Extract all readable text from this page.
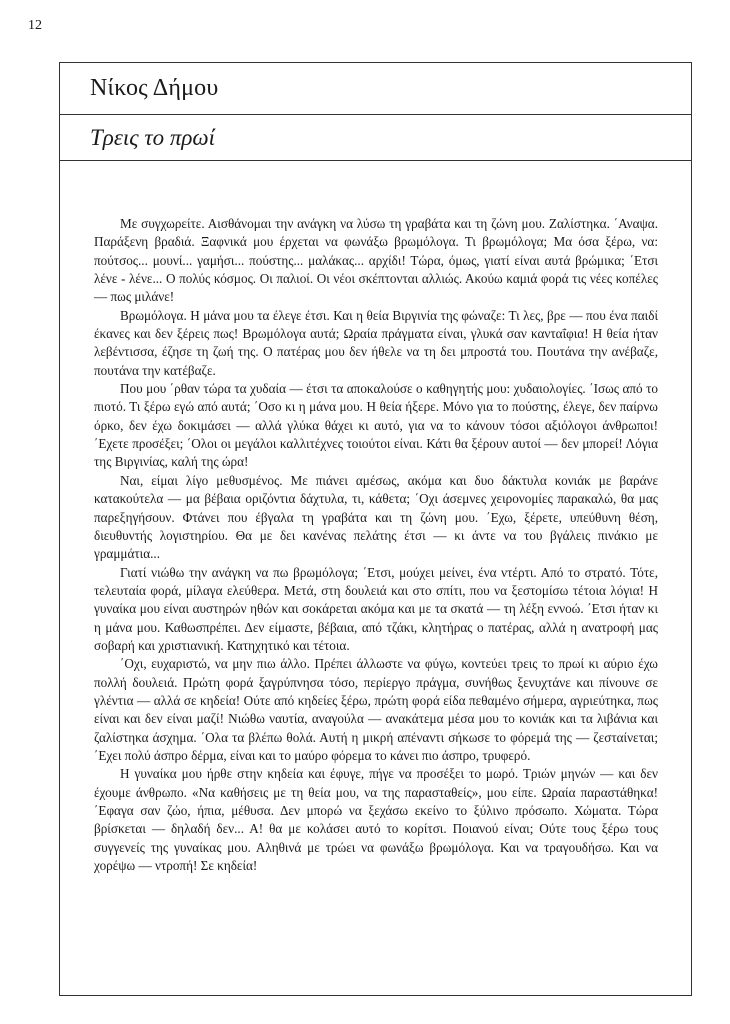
12
Νίκος Δήμου
Τρεις το πρωί

Με συγχωρείτε. Αισθάνομαι την ανάγκη να λύσω τη γραβάτα και τη ζώνη μου. Ζαλίστηκα. ΄Αναψα. Παράξενη βραδιά. Ξαφνικά μου έρχεται να φωνάξω βρωμόλογα. Τι βρωμόλογα; Μα όσα ξέρω, να: πούτσος... μουνί... γαμήσι... πούστης... μαλάκας... αρχίδι! Τώρα, όμως, γιατί είναι αυτά βρώμικα; ΄Ετσι λένε - λένε... Ο πολύς κόσμος. Οι παλιοί. Οι νέοι σκέπτονται αλλιώς. Ακούω καμιά φορά τις νέες κοπέλες — πως μιλάνε!

Βρωμόλογα. Η μάνα μου τα έλεγε έτσι. Και η θεία Βιργινία της φώναζε: Τι λες, βρε — που ένα παιδί έκανες και δεν ξέρεις πως! Βρωμόλογα αυτά; Ωραία πράγματα είναι, γλυκά σαν κανταΐφια! Η θεία ήταν λεβέντισσα, έζησε τη ζωή της. Ο πατέρας μου δεν ήθελε να τη δει μπροστά του. Πουτάνα την ανέβαζε, πουτάνα την κατέβαζε.

Που μου ΄ρθαν τώρα τα χυδαία — έτσι τα αποκαλούσε ο καθηγητής μου: χυδαιολογίες. ΄Ισως από το πιοτό. Τι ξέρω εγώ από αυτά; ΄Οσο κι η μάνα μου. Η θεία ήξερε. Μόνο για το πούστης, έλεγε, δεν παίρνω όρκο, δεν έχω δοκιμάσει — αλλά γλύκα θάχει κι αυτό, για να το κάνουν τόσοι αξιόλογοι άνθρωποι! ΄Εχετε προσέξει; ΄Ολοι οι μεγάλοι καλλιτέχνες τοιούτοι είναι. Κάτι θα ξέρουν αυτοί — δεν μπορεί! Λόγια της Βιργινίας, καλή της ώρα!

Ναι, είμαι λίγο μεθυσμένος. Με πιάνει αμέσως, ακόμα και δυο δάκτυλα κονιάκ με βαράνε κατακούτελα — μα βέβαια οριζόντια δάχτυλα, τι, κάθετα; ΄Οχι άσεμνες χειρονομίες παρακαλώ, θα μας παρεξηγήσουν. Φτάνει που έβγαλα τη γραβάτα και τη ζώνη μου. ΄Εχω, ξέρετε, υπεύθυνη θέση, διευθυντής λογιστηρίου. Θα με δει κανένας πελάτης έτσι — κι άντε να του βγάλεις πινάκιο με γραμμάτια...

Γιατί νιώθω την ανάγκη να πω βρωμόλογα; ΄Ετσι, μούχει μείνει, ένα ντέρτι. Από το στρατό. Τότε, τελευταία φορά, μίλαγα ελεύθερα. Μετά, στη δουλειά και στο σπίτι, που να ξεστομίσω τέτοια λόγια! Η γυναίκα μου είναι αυστηρών ηθών και σοκάρεται ακόμα και με τα σκατά — τη λέξη εννοώ. ΄Ετσι ήταν κι η μάνα μου. Καθωσπρέπει. Δεν είμαστε, βέβαια, από τζάκι, κλητήρας ο πατέρας, αλλά η ανατροφή μας σοβαρή και χριστιανική. Κατηχητικό και τέτοια.

΄Οχι, ευχαριστώ, να μην πιω άλλο. Πρέπει άλλωστε να φύγω, κοντεύει τρεις το πρωί κι αύριο έχω πολλή δουλειά. Πρώτη φορά ξαγρύπνησα τόσο, περίεργο πράγμα, συνήθως ξενυχτάνε και πίνουνε σε γλέντια — αλλά σε κηδεία! Ούτε από κηδείες ξέρω, πρώτη φορά είδα πεθαμένο σήμερα, αγριεύτηκα, πως είναι και δεν είναι μαζί! Νιώθω ναυτία, αναγούλα — ανακάτεμα μέσα μου το κονιάκ και τα λιβάνια και ζαλίστηκα άσχημα. ΄Ολα τα βλέπω θολά. Αυτή η μικρή απέναντι σήκωσε το φόρεμά της — ζεσταίνεται; ΄Εχει πολύ άσπρο δέρμα, είναι και το μαύρο φόρεμα το κάνει πιο άσπρο, τρυφερό.

Η γυναίκα μου ήρθε στην κηδεία και έφυγε, πήγε να προσέξει το μωρό. Τριών μηνών — και δεν έχουμε άνθρωπο. «Να καθήσεις με τη θεία μου, να της παρασταθείς», μου είπε. Ωραία παραστάθηκα! ΄Εφαγα σαν ζώο, ήπια, μέθυσα. Δεν μπορώ να ξεχάσω εκείνο το ξύλινο πρόσωπο. Χώματα. Τώρα βρίσκεται — δηλαδή δεν... Α! θα με κολάσει αυτό το κορίτσι. Ποιανού είναι; Ούτε τους ξέρω τους συγγενείς της γυναίκας μου. Αληθινά με τρώει να φωνάξω βρωμόλογα. Και να τραγουδήσω. Και να χορέψω — ντροπή! Σε κηδεία!
